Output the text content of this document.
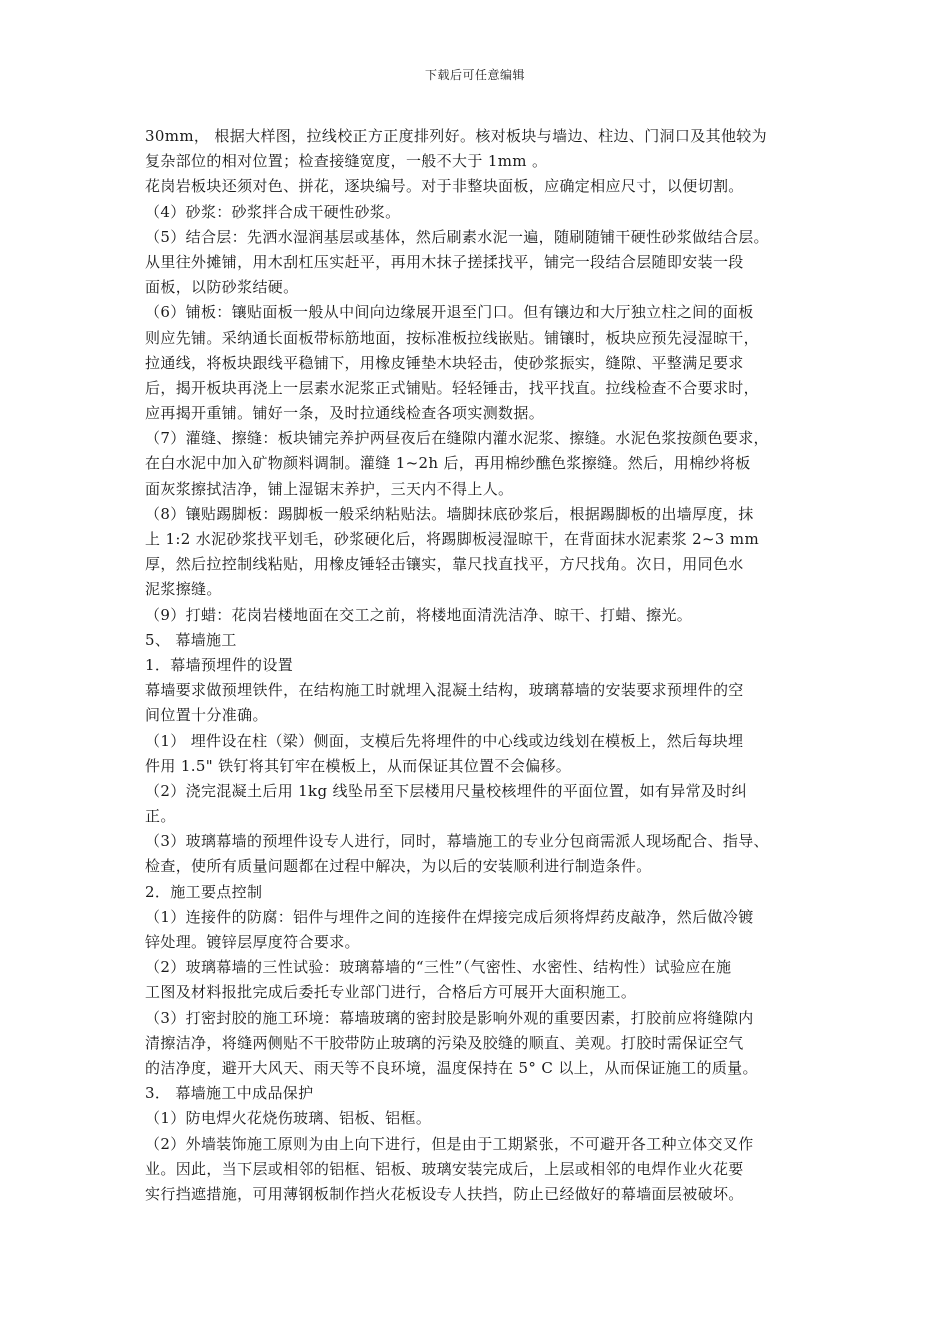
下载后可任意编辑
30mm， 根据大样图，拉线校正方正度排列好。核对板块与墙边、柱边、门洞口及其他较为
复杂部位的相对位置；检查接缝宽度，一般不大于 1mm 。
花岗岩板块还须对色、拼花，逐块编号。对于非整块面板，应确定相应尺寸，以便切割。
（4）砂浆：砂浆拌合成干硬性砂浆。
（5）结合层：先洒水湿润基层或基体，然后刷素水泥一遍，随刷随铺干硬性砂浆做结合层。
从里往外摊铺，用木刮杠压实赶平，再用木抹子搓揉找平，铺完一段结合层随即安装一段
面板，以防砂浆结硬。
（6）铺板：镶贴面板一般从中间向边缘展开退至门口。但有镶边和大厅独立柱之间的面板
则应先铺。采纳通长面板带标筋地面，按标准板拉线嵌贴。铺镶时，板块应预先浸湿晾干，
拉通线，将板块跟线平稳铺下，用橡皮锤垫木块轻击，使砂浆振实，缝隙、平整满足要求
后，揭开板块再浇上一层素水泥浆正式铺贴。轻轻锤击，找平找直。拉线检查不合要求时，
应再揭开重铺。铺好一条，及时拉通线检查各项实测数据。
（7）灌缝、擦缝：板块铺完养护两昼夜后在缝隙内灌水泥浆、擦缝。水泥色浆按颜色要求，
在白水泥中加入矿物颜料调制。灌缝 1~2h 后，再用棉纱醮色浆擦缝。然后，用棉纱将板
面灰浆擦拭洁净，铺上湿锯末养护，三天内不得上人。
（8）镶贴踢脚板：踢脚板一般采纳粘贴法。墙脚抹底砂浆后，根据踢脚板的出墙厚度，抹
上 1:2 水泥砂浆找平划毛，砂浆硬化后，将踢脚板浸湿晾干，在背面抹水泥素浆 2~3 mm
厚，然后拉控制线粘贴，用橡皮锤轻击镶实，靠尺找直找平，方尺找角。次日，用同色水
泥浆擦缝。
（9）打蜡：花岗岩楼地面在交工之前，将楼地面清洗洁净、晾干、打蜡、擦光。
5、 幕墙施工
1．幕墙预埋件的设置
幕墙要求做预埋铁件，在结构施工时就埋入混凝土结构，玻璃幕墙的安装要求预埋件的空
间位置十分准确。
（1） 埋件设在柱（梁）侧面，支模后先将埋件的中心线或边线划在模板上，然后每块埋
件用 1.5" 铁钉将其钉牢在模板上，从而保证其位置不会偏移。
（2）浇完混凝土后用 1kg 线坠吊至下层楼用尺量校核埋件的平面位置，如有异常及时纠
正。
（3）玻璃幕墙的预埋件设专人进行，同时，幕墙施工的专业分包商需派人现场配合、指导、
检查，使所有质量问题都在过程中解决，为以后的安装顺利进行制造条件。
2．施工要点控制
（1）连接件的防腐：铝件与埋件之间的连接件在焊接完成后须将焊药皮敲净，然后做冷镀
锌处理。镀锌层厚度符合要求。
（2）玻璃幕墙的三性试验：玻璃幕墙的“三性”（气密性、水密性、结构性）试验应在施
工图及材料报批完成后委托专业部门进行，合格后方可展开大面积施工。
（3）打密封胶的施工环境：幕墙玻璃的密封胶是影响外观的重要因素，打胶前应将缝隙内
清擦洁净，将缝两侧贴不干胶带防止玻璃的污染及胶缝的顺直、美观。打胶时需保证空气
的洁净度，避开大风天、雨天等不良环境，温度保持在 5° C 以上，从而保证施工的质量。
3． 幕墙施工中成品保护
（1）防电焊火花烧伤玻璃、铝板、铝框。
（2）外墙装饰施工原则为由上向下进行，但是由于工期紧张，不可避开各工种立体交叉作
业。因此，当下层或相邻的铝框、铝板、玻璃安装完成后，上层或相邻的电焊作业火花要
实行挡遮措施，可用薄钢板制作挡火花板设专人扶挡，防止已经做好的幕墙面层被破坏。
